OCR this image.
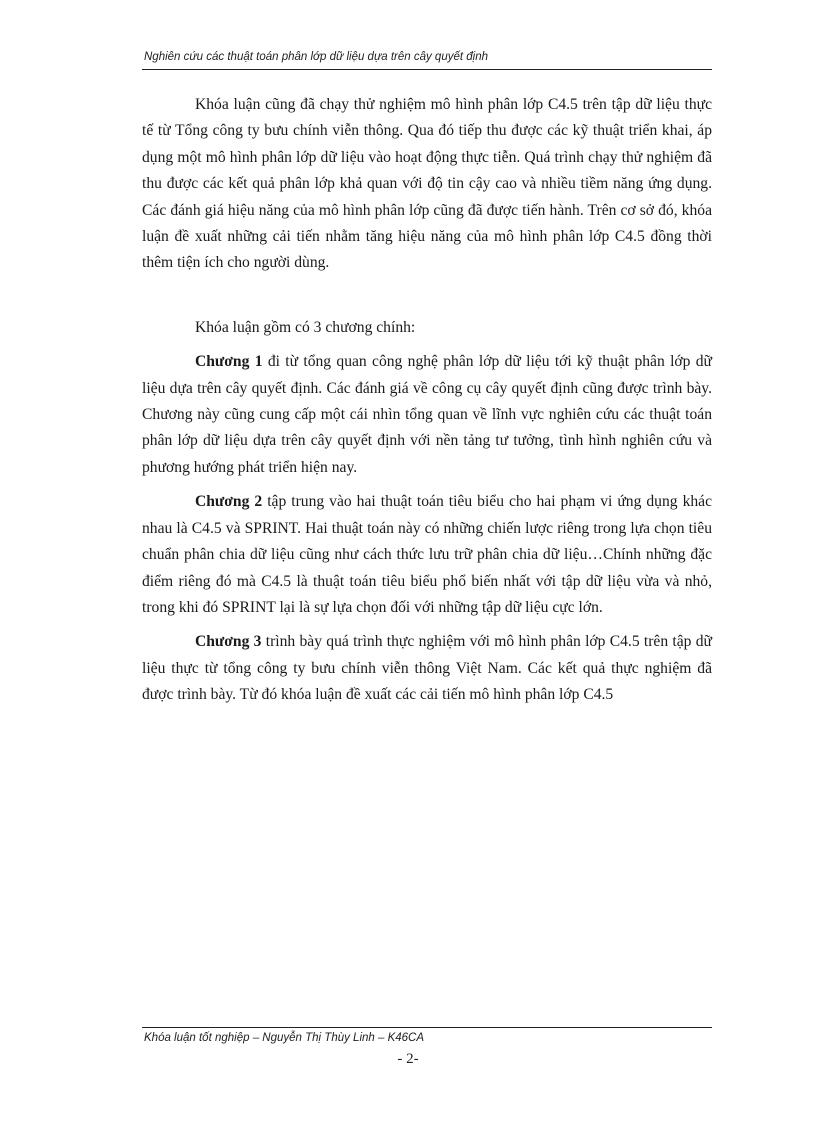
Nghiên cứu các thuật toán phân lớp dữ liệu dựa trên cây quyết định

Khóa luận cũng đã chạy thử nghiệm mô hình phân lớp C4.5 trên tập dữ liệu thực tế từ Tổng công ty bưu chính viễn thông. Qua đó tiếp thu được các kỹ thuật triển khai, áp dụng một mô hình phân lớp dữ liệu vào hoạt động thực tiễn. Quá trình chạy thử nghiệm đã thu được các kết quả phân lớp khả quan với độ tin cậy cao và nhiều tiềm năng ứng dụng. Các đánh giá hiệu năng của mô hình phân lớp cũng đã được tiến hành. Trên cơ sở đó, khóa luận đề xuất những cải tiến nhằm tăng hiệu năng của mô hình phân lớp C4.5 đồng thời thêm tiện ích cho người dùng.

Khóa luận gồm có 3 chương chính:

Chương 1 đi từ tổng quan công nghệ phân lớp dữ liệu tới kỹ thuật phân lớp dữ liệu dựa trên cây quyết định. Các đánh giá về công cụ cây quyết định cũng được trình bày. Chương này cũng cung cấp một cái nhìn tổng quan về lĩnh vực nghiên cứu các thuật toán phân lớp dữ liệu dựa trên cây quyết định với nền tảng tư tưởng, tình hình nghiên cứu và phương hướng phát triển hiện nay.

Chương 2 tập trung vào hai thuật toán tiêu biểu cho hai phạm vi ứng dụng khác nhau là C4.5 và SPRINT. Hai thuật toán này có những chiến lược riêng trong lựa chọn tiêu chuẩn phân chia dữ liệu cũng như cách thức lưu trữ phân chia dữ liệu…Chính những đặc điểm riêng đó mà C4.5 là thuật toán tiêu biểu phổ biến nhất với tập dữ liệu vừa và nhỏ, trong khi đó SPRINT lại là sự lựa chọn đối với những tập dữ liệu cực lớn.

Chương 3 trình bày quá trình thực nghiệm với mô hình phân lớp C4.5 trên tập dữ liệu thực từ tổng công ty bưu chính viễn thông Việt Nam. Các kết quả thực nghiệm đã được trình bày. Từ đó khóa luận đề xuất các cải tiến mô hình phân lớp C4.5

Khóa luận tốt nghiệp – Nguyễn Thị Thùy Linh – K46CA
- 2-
